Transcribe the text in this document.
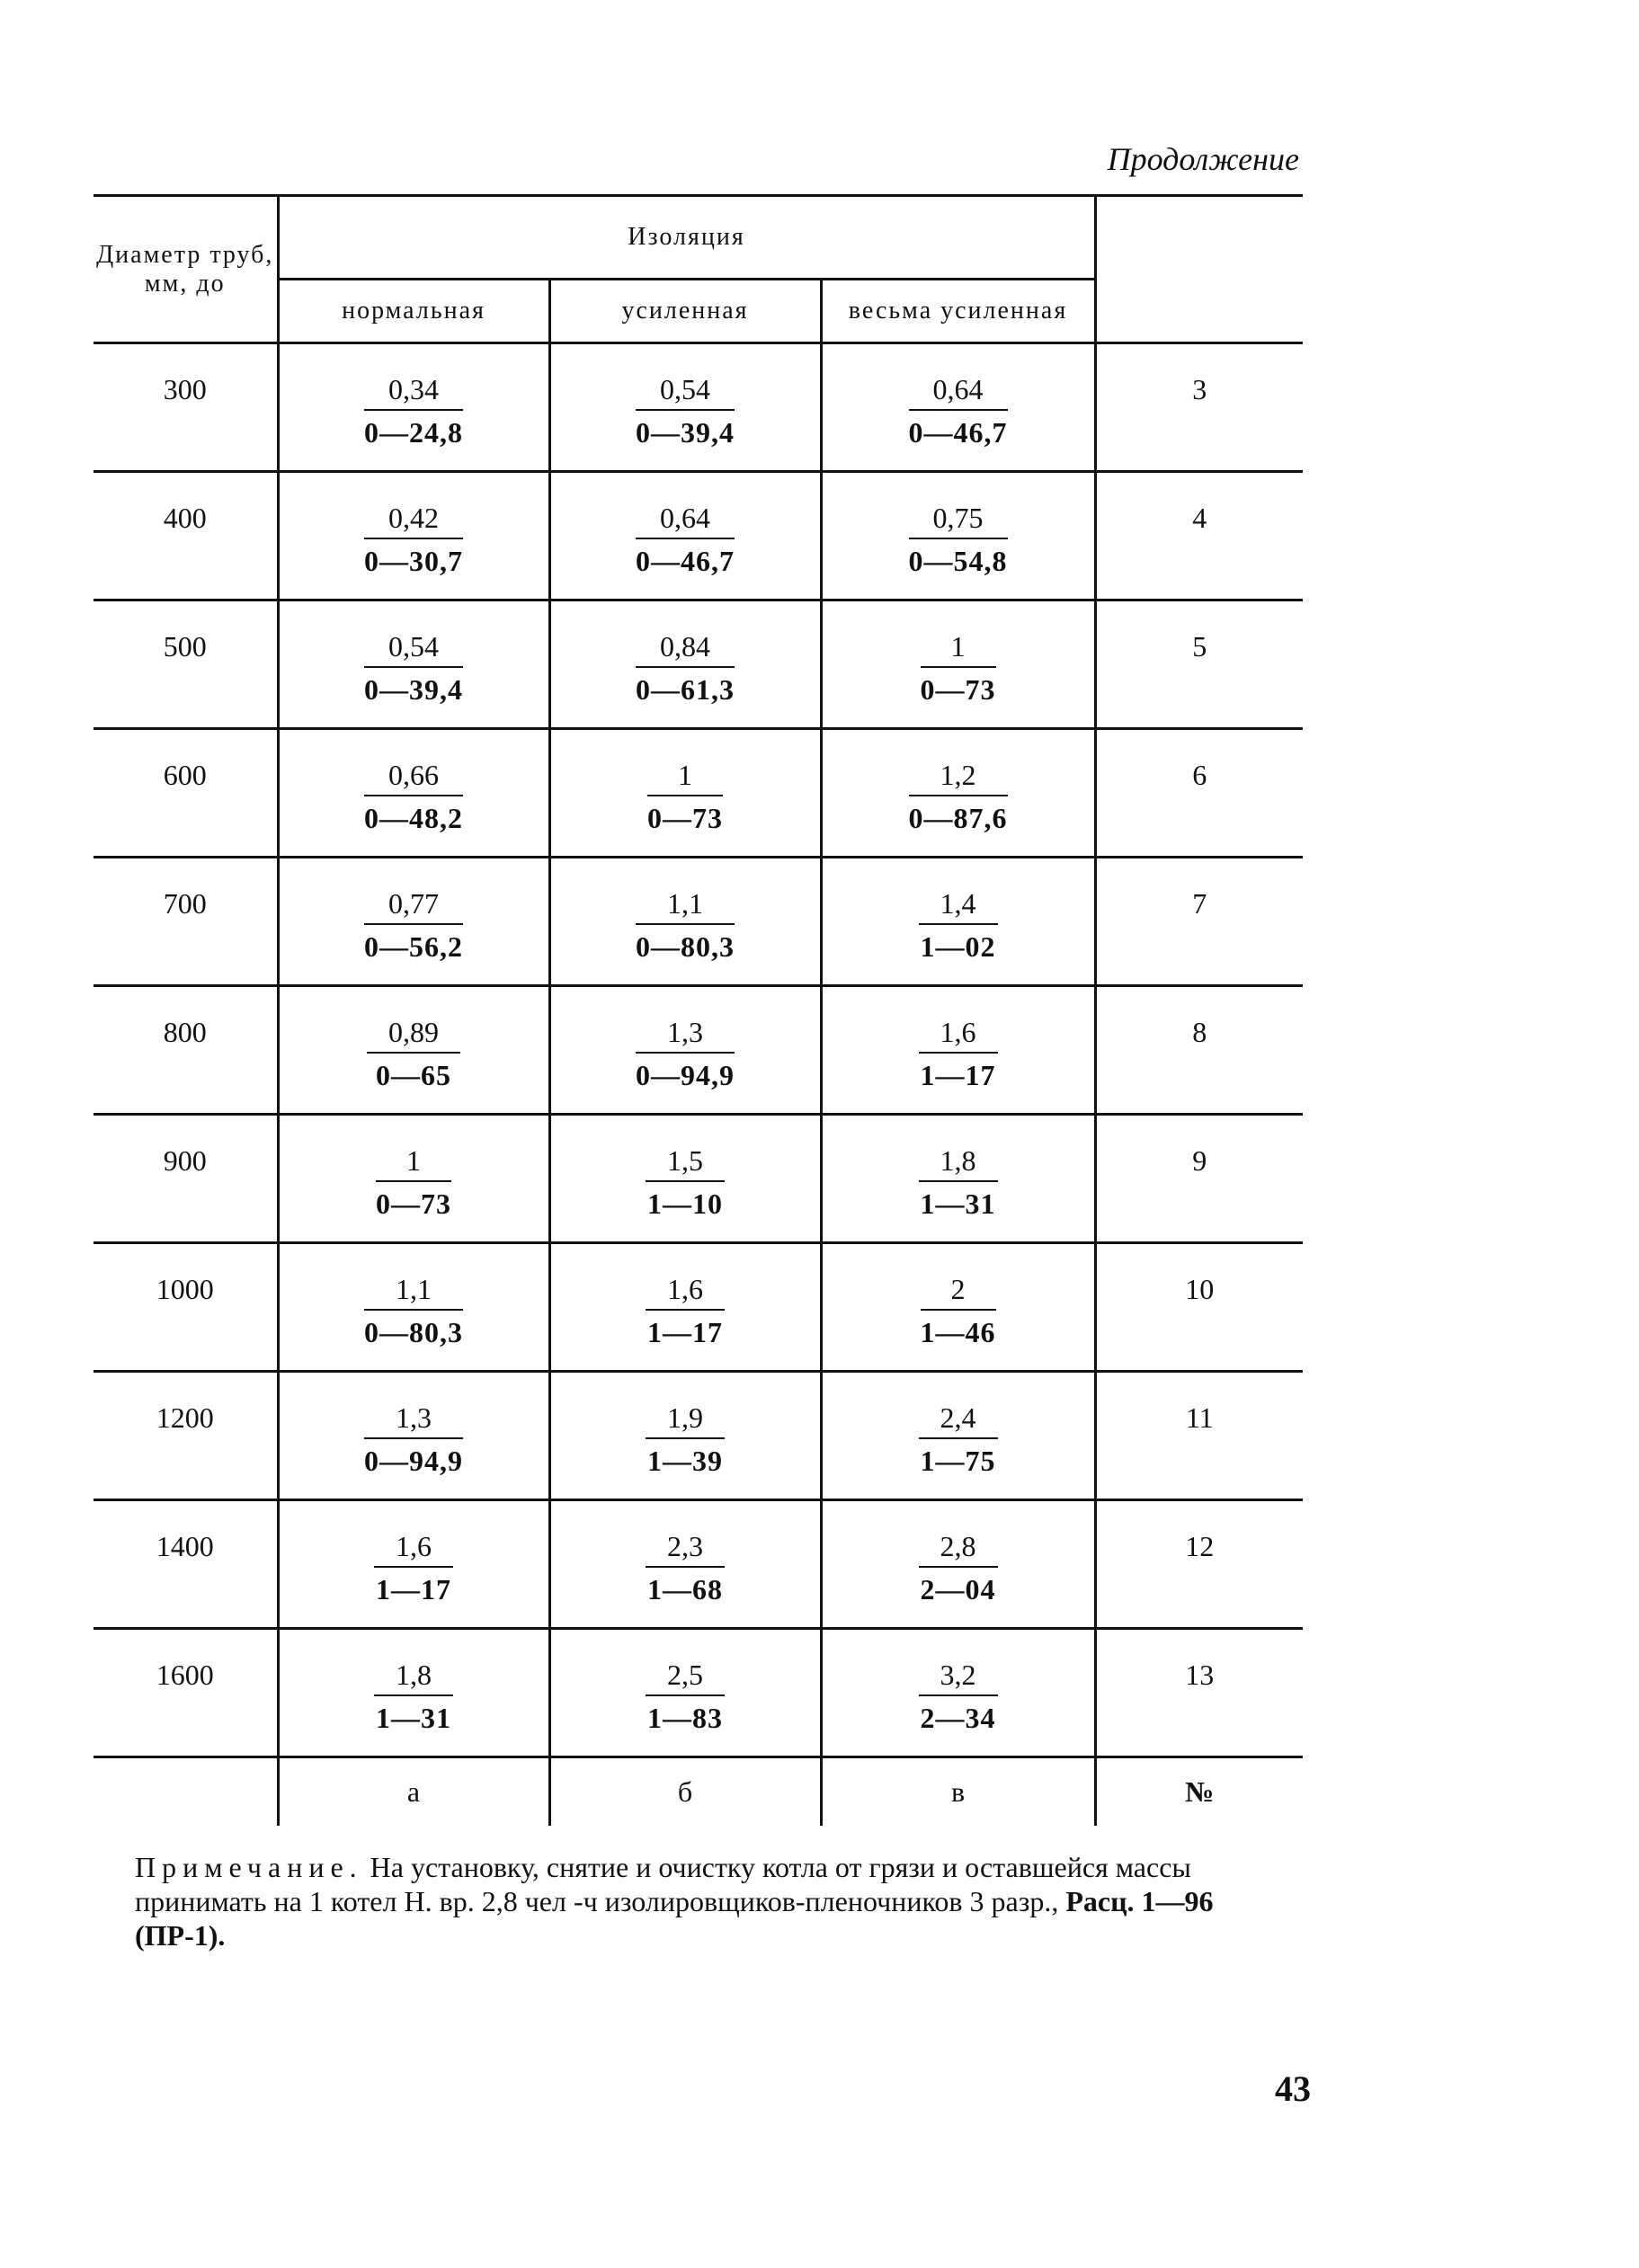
Продолжение
Диаметр труб, мм, до	Изоляция			
	нормальная	усиленная	весьма усиленная	
300	$\frac{0,34}{0—24,8}$	$\frac{0,54}{0—39,4}$	$\frac{0,64}{0—46,7}$	3
400	$\frac{0,42}{0—30,7}$	$\frac{0,64}{0—46,7}$	$\frac{0,75}{0—54,8}$	4
500	$\frac{0,54}{0—39,4}$	$\frac{0,84}{0—61,3}$	$\frac{1}{0—73}$	5
600	$\frac{0,66}{0—48,2}$	$\frac{1}{0—73}$	$\frac{1,2}{0—87,6}$	6
700	$\frac{0,77}{0—56,2}$	$\frac{1,1}{0—80,3}$	$\frac{1,4}{1—02}$	7
800	$\frac{0,89}{0—65}$	$\frac{1,3}{0—94,9}$	$\frac{1,6}{1—17}$	8
900	$\frac{1}{0—73}$	$\frac{1,5}{1—10}$	$\frac{1,8}{1—31}$	9
1000	$\frac{1,1}{0—80,3}$	$\frac{1,6}{1—17}$	$\frac{2}{1—46}$	10
1200	$\frac{1,3}{0—94,9}$	$\frac{1,9}{1—39}$	$\frac{2,4}{1—75}$	11
1400	$\frac{1,6}{1—17}$	$\frac{2,3}{1—68}$	$\frac{2,8}{2—04}$	12
1600	$\frac{1,8}{1—31}$	$\frac{2,5}{1—83}$	$\frac{3,2}{2—34}$	13
	а	б	в	№
Примечание. На установку, снятие и очистку котла от грязи и оставшейся массы принимать на 1 котел Н. вр. 2,8 чел -ч изолировщиков-пленочников 3 разр., Расц. 1—96 (ПР-1).
43
